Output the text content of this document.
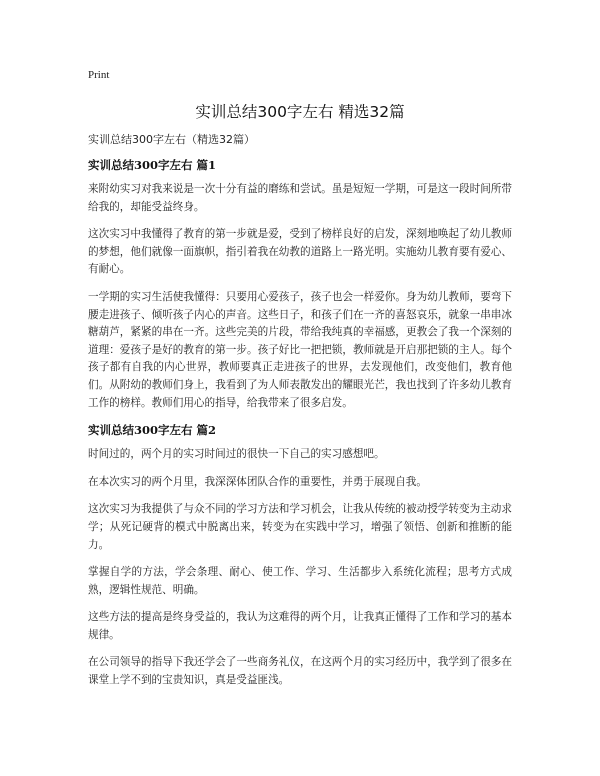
Print
实训总结300字左右 精选32篇
实训总结300字左右（精选32篇）
实训总结300字左右 篇1

来附幼实习对我来说是一次十分有益的磨练和尝试。虽是短短一学期，可是这一段时间所带给我的，却能受益终身。

这次实习中我懂得了教育的第一步就是爱，受到了榜样良好的启发，深刻地唤起了幼儿教师的梦想，他们就像一面旗帜，指引着我在幼教的道路上一路光明。实施幼儿教育要有爱心、有耐心。

一学期的实习生活使我懂得：只要用心爱孩子，孩子也会一样爱你。身为幼儿教师，要弯下腰走进孩子、倾听孩子内心的声音。这些日子，和孩子们在一齐的喜怒哀乐，就象一串串冰糖葫芦，紧紧的串在一齐。这些完美的片段，带给我纯真的幸福感，更教会了我一个深刻的道理：爱孩子是好的教育的第一步。孩子好比一把把锁，教师就是开启那把锁的主人。每个孩子都有自我的内心世界，教师要真正走进孩子的世界，去发现他们，改变他们，教育他们。从附幼的教师们身上，我看到了为人师表散发出的耀眼光芒，我也找到了许多幼儿教育工作的榜样。教师们用心的指导，给我带来了很多启发。

实训总结300字左右 篇2

时间过的，两个月的实习时间过的很快一下自己的实习感想吧。

在本次实习的两个月里，我深深体团队合作的重要性，并勇于展现自我。

这次实习为我提供了与众不同的学习方法和学习机会，让我从传统的被动授学转变为主动求学；从死记硬背的模式中脱离出来，转变为在实践中学习，增强了领悟、创新和推断的能力。

掌握自学的方法，学会条理、耐心、使工作、学习、生活都步入系统化流程；思考方式成熟，逻辑性规范、明确。

这些方法的提高是终身受益的，我认为这难得的两个月，让我真正懂得了工作和学习的基本规律。

在公司领导的指导下我还学会了一些商务礼仪，在这两个月的实习经历中，我学到了很多在课堂上学不到的宝贵知识，真是受益匪浅。
